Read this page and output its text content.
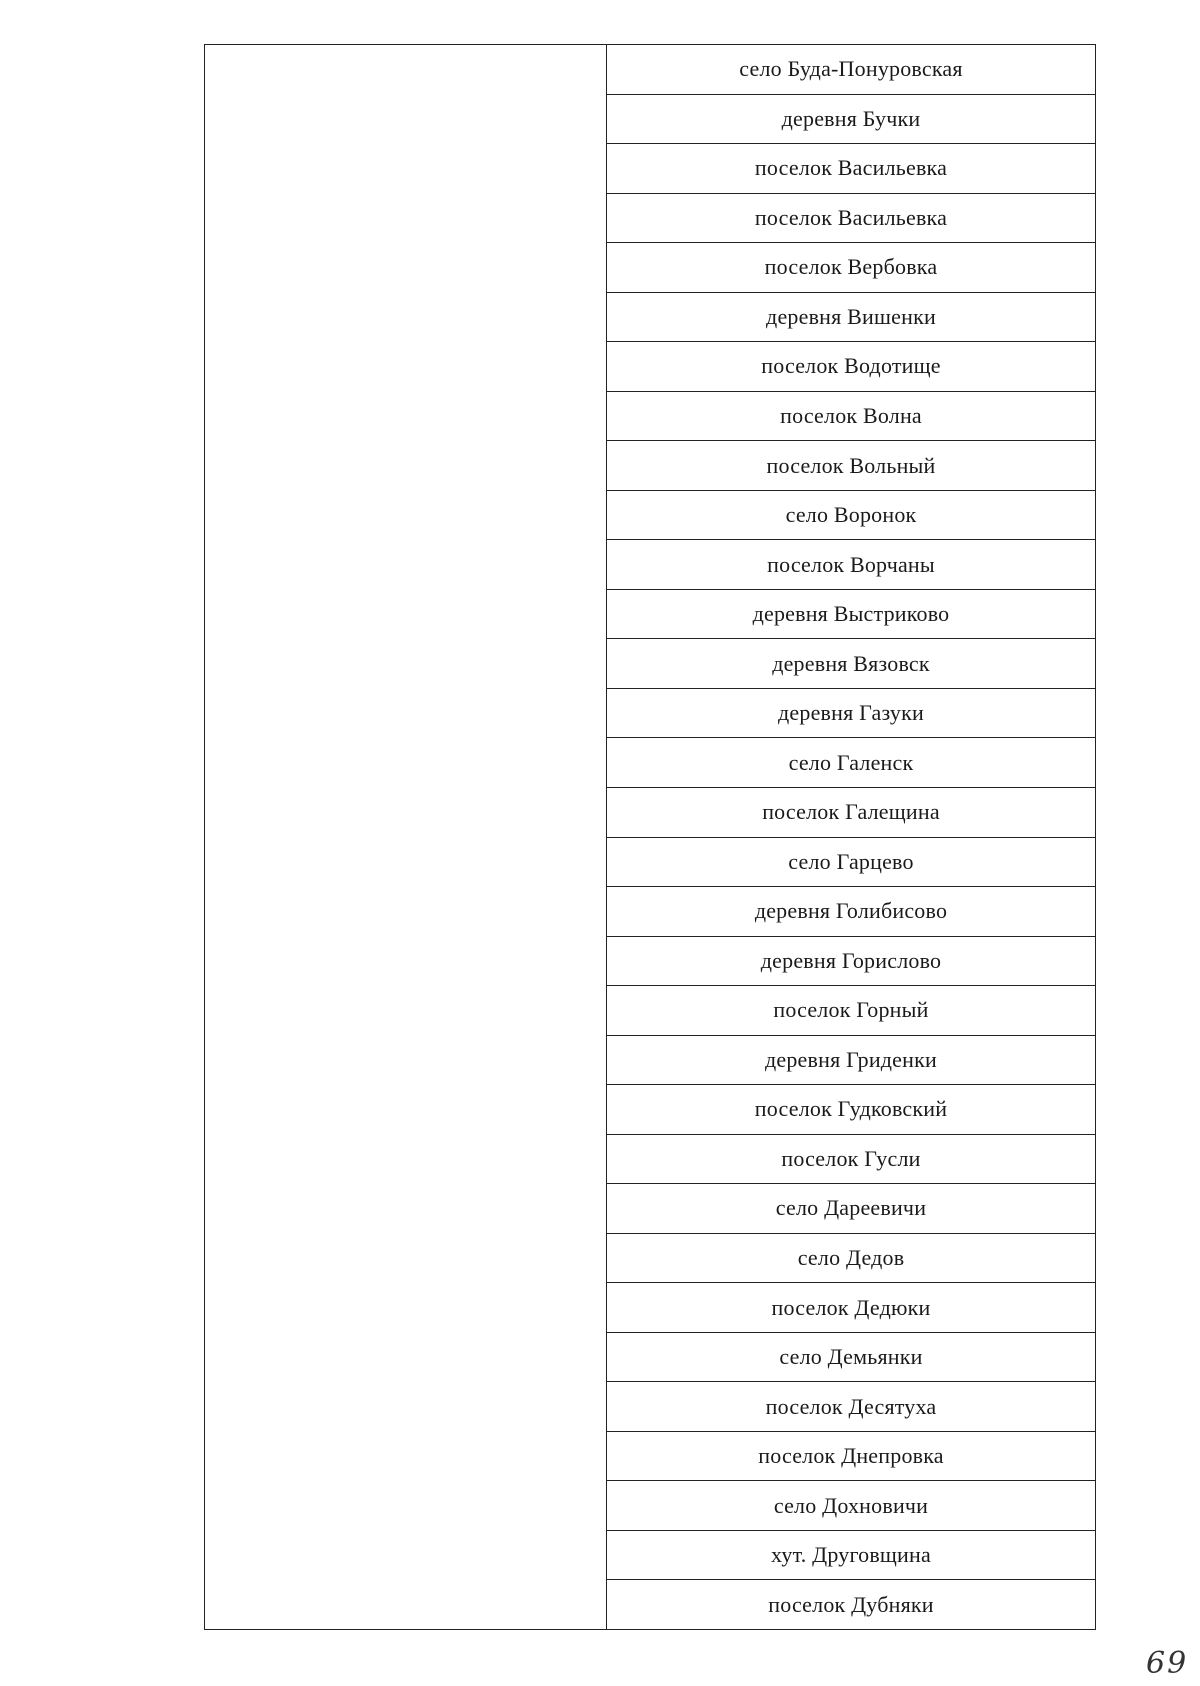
село Буда-Понуровская
деревня Бучки
поселок Васильевка
поселок Васильевка
поселок Вербовка
деревня Вишенки
поселок Водотище
поселок Волна
поселок Вольный
село Воронок
поселок Ворчаны
деревня Выстриково
деревня Вязовск
деревня Газуки
село Галенск
поселок Галещина
село Гарцево
деревня Голибисово
деревня Горислово
поселок Горный
деревня Гриденки
поселок Гудковский
поселок Гусли
село Дареевичи
село Дедов
поселок Дедюки
село Демьянки
поселок Десятуха
поселок Днепровка
село Дохновичи
хут. Друговщина
поселок Дубняки
69
